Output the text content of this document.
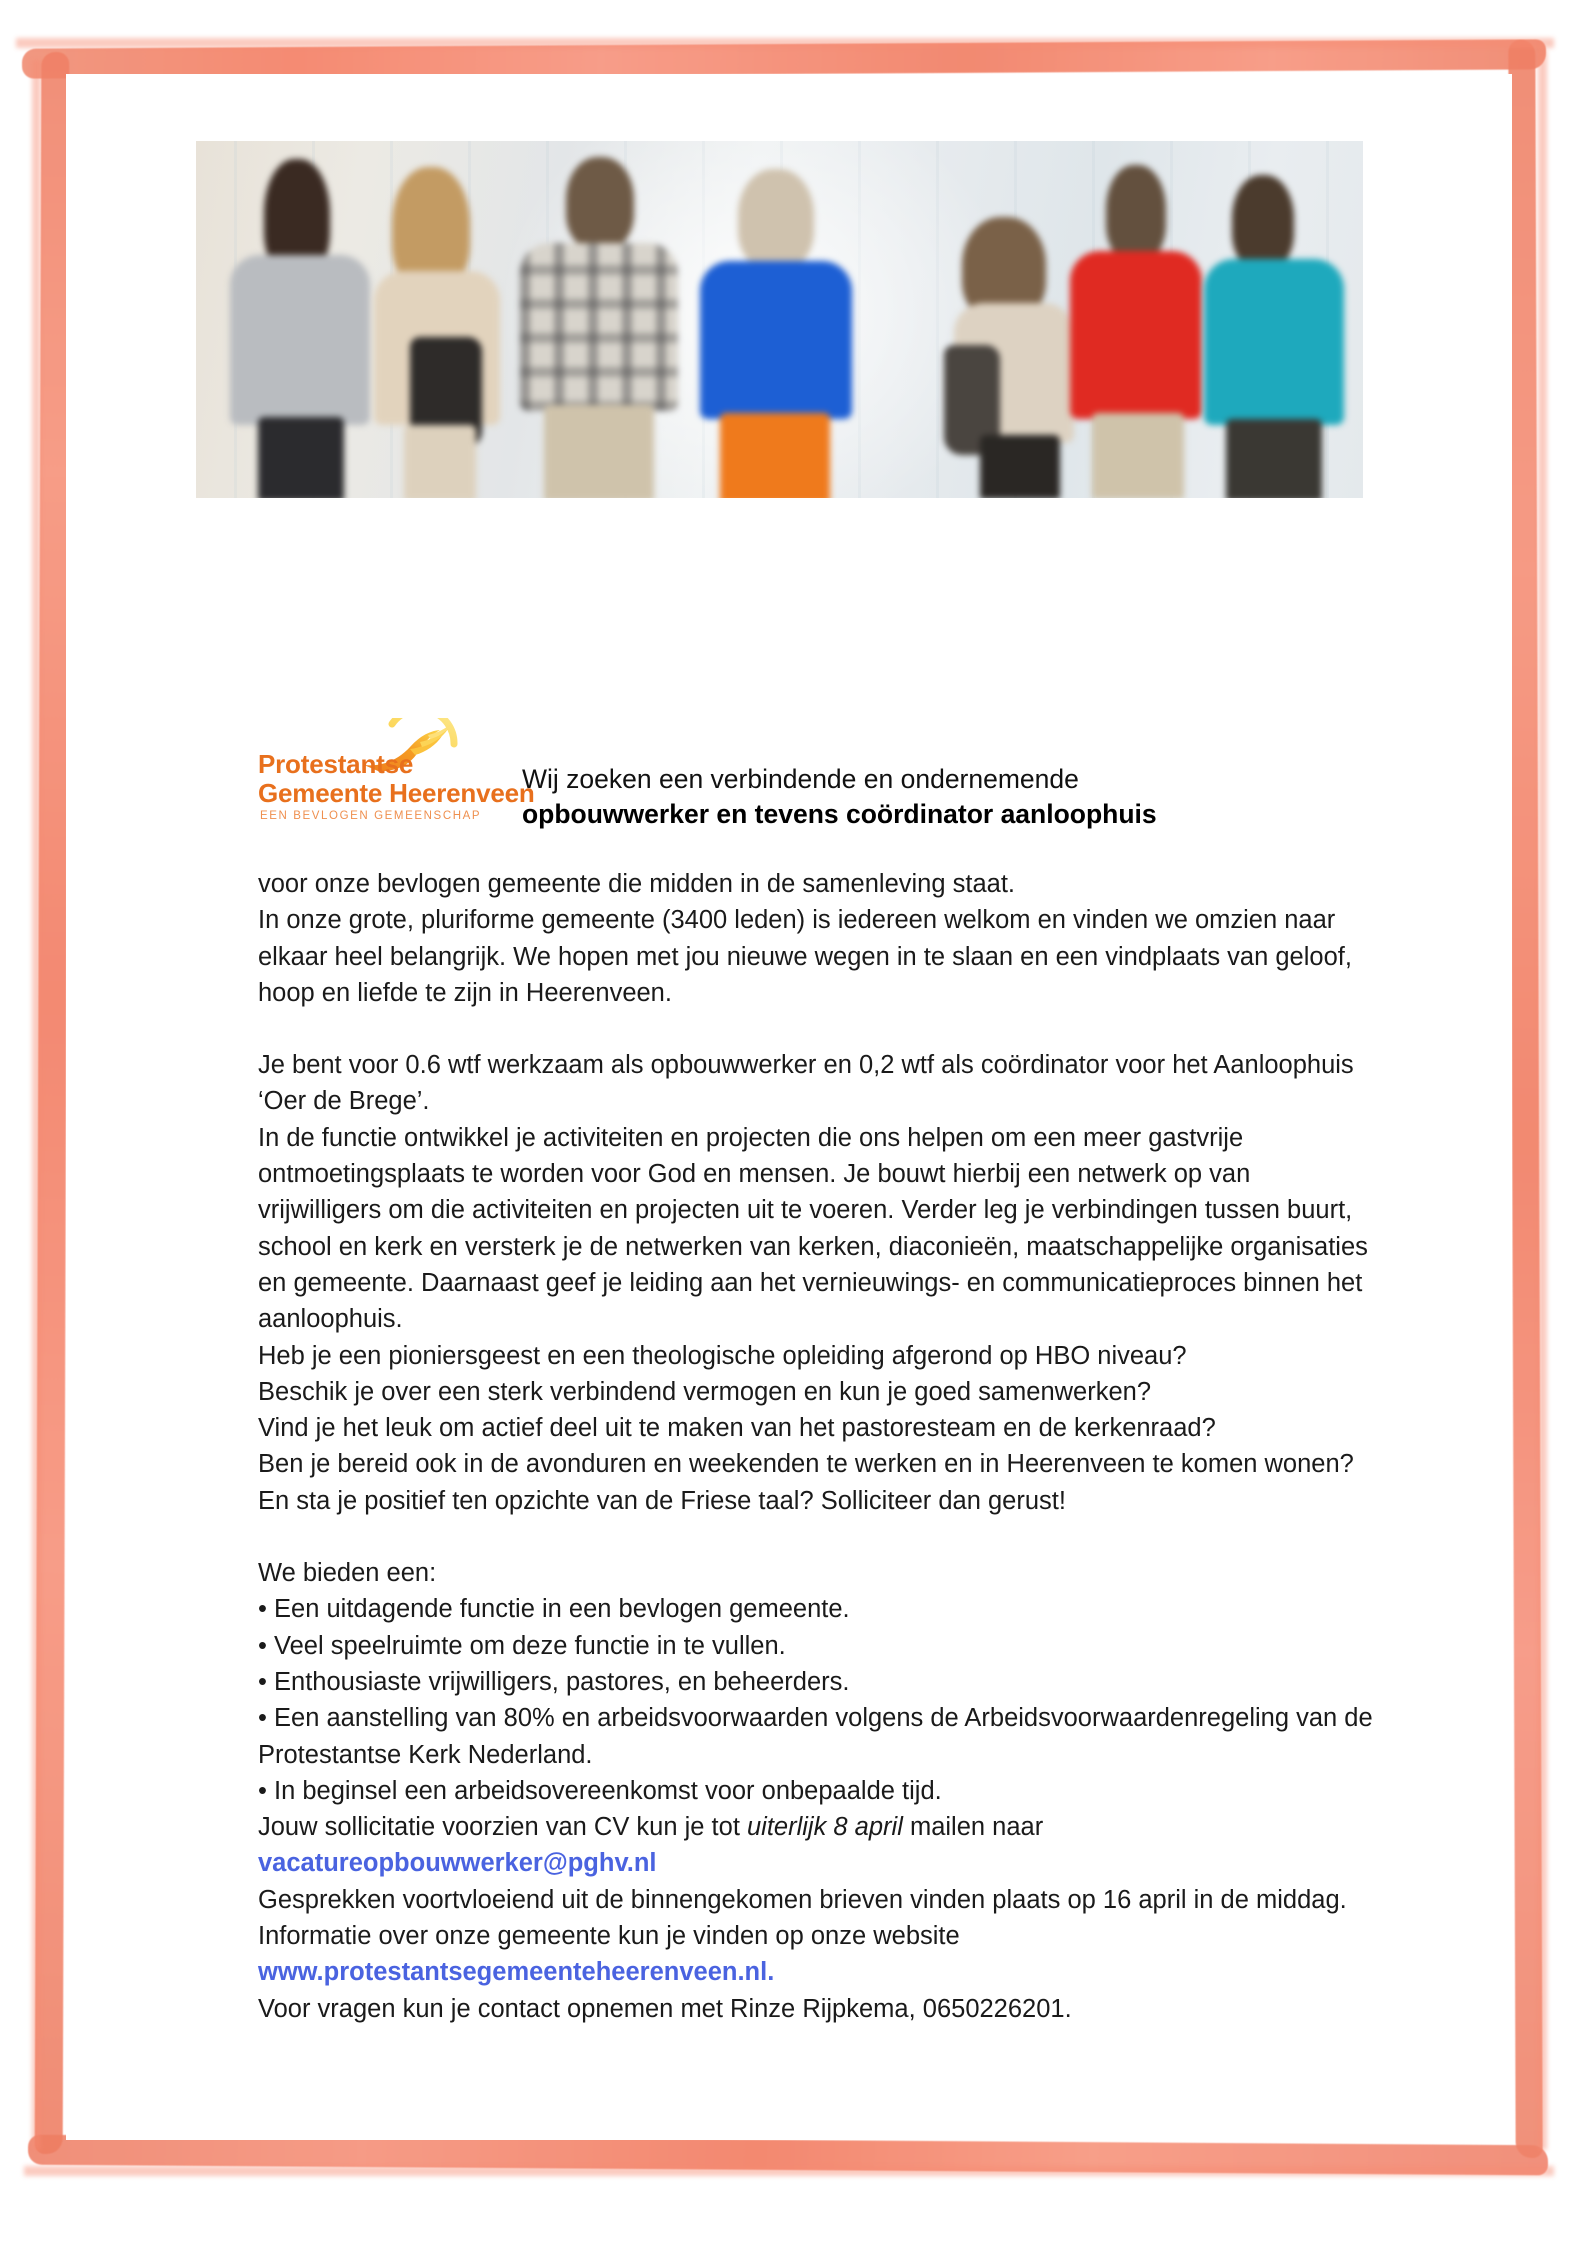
Protestantse
Gemeente Heerenveen
EEN BEVLOGEN GEMEENSCHAP
Wij zoeken een verbindende en ondernemende
opbouwwerker en tevens coördinator aanloophuis

voor onze bevlogen gemeente die midden in de samenleving staat.

In onze grote, pluriforme gemeente (3400 leden) is iedereen welkom en vinden we omzien naar elkaar heel belangrijk. We hopen met jou nieuwe wegen in te slaan en een vindplaats van geloof, hoop en liefde te zijn in Heerenveen.

Je bent voor 0.6 wtf werkzaam als opbouwwerker en 0,2 wtf als coördinator voor het Aanloophuis ‘Oer de Brege’.

In de functie ontwikkel je activiteiten en projecten die ons helpen om een meer gastvrije ontmoetingsplaats te worden voor God en mensen. Je bouwt hierbij een netwerk op van vrijwilligers om die activiteiten en projecten uit te voeren. Verder leg je verbindingen tussen buurt, school en kerk en versterk je de netwerken van kerken, diaconieën, maatschappelijke organisaties en gemeente. Daarnaast geef je leiding aan het vernieuwings- en communicatieproces binnen het aanloophuis.

Heb je een pioniersgeest en een theologische opleiding afgerond op HBO niveau?

Beschik je over een sterk verbindend vermogen en kun je goed samenwerken?

Vind je het leuk om actief deel uit te maken van het pastoresteam en de kerkenraad?

Ben je bereid ook in de avonduren en weekenden te werken en in Heerenveen te komen wonen? En sta je positief ten opzichte van de Friese taal? Solliciteer dan gerust!

We bieden een:

• Een uitdagende functie in een bevlogen gemeente.

• Veel speelruimte om deze functie in te vullen.

• Enthousiaste vrijwilligers, pastores, en beheerders.

• Een aanstelling van 80% en arbeidsvoorwaarden volgens de Arbeidsvoorwaardenregeling van de Protestantse Kerk Nederland.

• In beginsel een arbeidsovereenkomst voor onbepaalde tijd.

Jouw sollicitatie voorzien van CV kun je tot uiterlijk 8 april mailen naar

vacatureopbouwwerker@pghv.nl

Gesprekken voortvloeiend uit de binnengekomen brieven vinden plaats op 16 april in de middag. Informatie over onze gemeente kun je vinden op onze website

www.protestantsegemeenteheerenveen.nl.

Voor vragen kun je contact opnemen met Rinze Rijpkema, 0650226201.
